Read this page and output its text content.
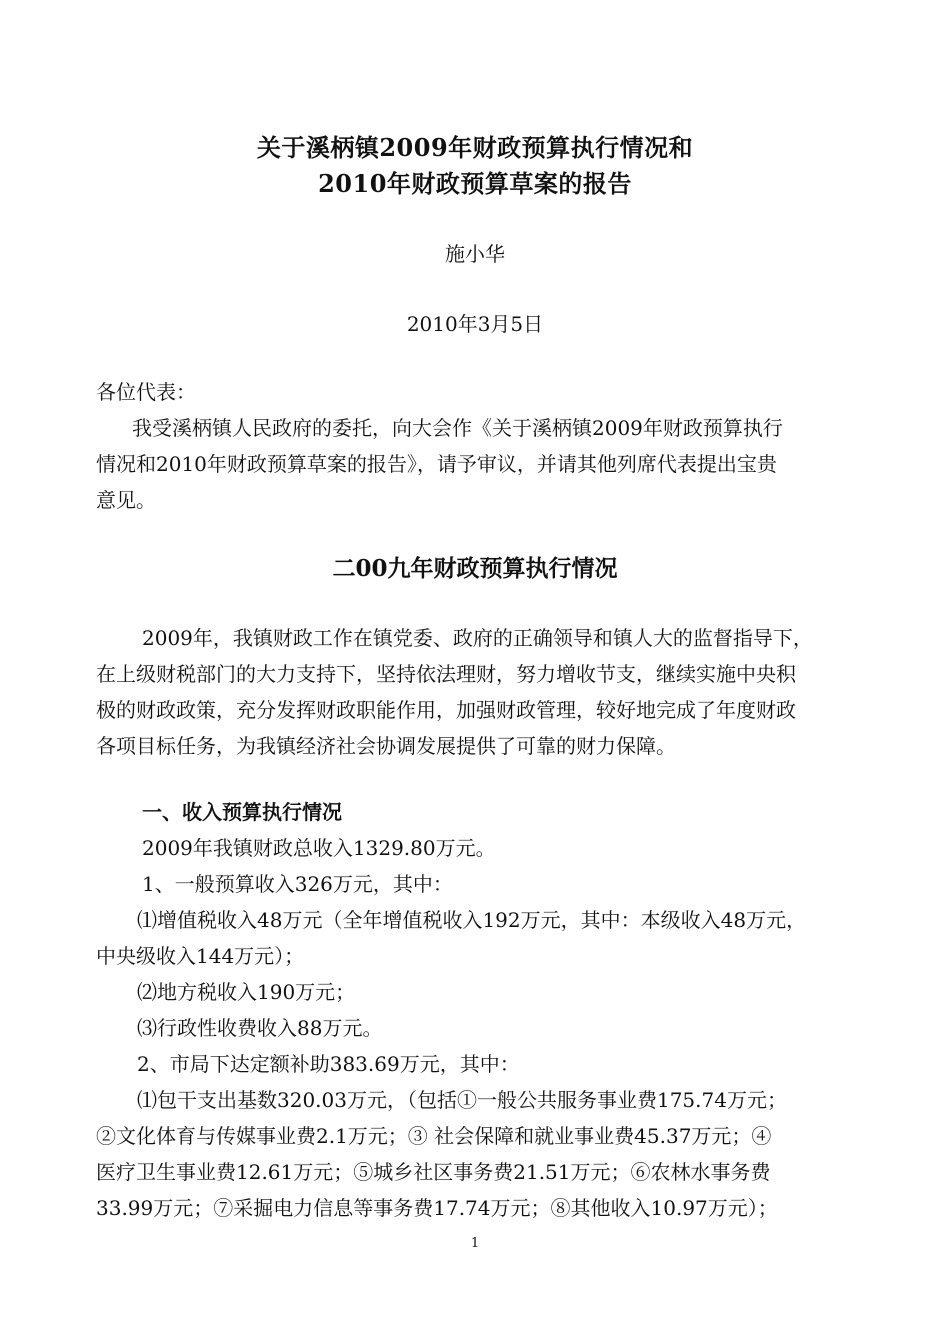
关于溪柄镇2009年财政预算执行情况和
2010年财政预算草案的报告
施小华
2010年3月5日
各位代表：
我受溪柄镇人民政府的委托，向大会作《关于溪柄镇2009年财政预算执行
情况和2010年财政预算草案的报告》，请予审议，并请其他列席代表提出宝贵
意见。
二00九年财政预算执行情况
2009年，我镇财政工作在镇党委、政府的正确领导和镇人大的监督指导下，
在上级财税部门的大力支持下，坚持依法理财，努力增收节支，继续实施中央积
极的财政政策，充分发挥财政职能作用，加强财政管理，较好地完成了年度财政
各项目标任务，为我镇经济社会协调发展提供了可靠的财力保障。
一、收入预算执行情况
2009年我镇财政总收入1329.80万元。
1、一般预算收入326万元，其中：
⑴增值税收入48万元（全年增值税收入192万元，其中：本级收入48万元，
中央级收入144万元）；
⑵地方税收入190万元；
⑶行政性收费收入88万元。
2、市局下达定额补助383.69万元，其中：
⑴包干支出基数320.03万元，（包括①一般公共服务事业费175.74万元；
②文化体育与传媒事业费2.1万元；③ 社会保障和就业事业费45.37万元；④
医疗卫生事业费12.61万元；⑤城乡社区事务费21.51万元；⑥农林水事务费
33.99万元；⑦采掘电力信息等事务费17.74万元；⑧其他收入10.97万元）；
1
